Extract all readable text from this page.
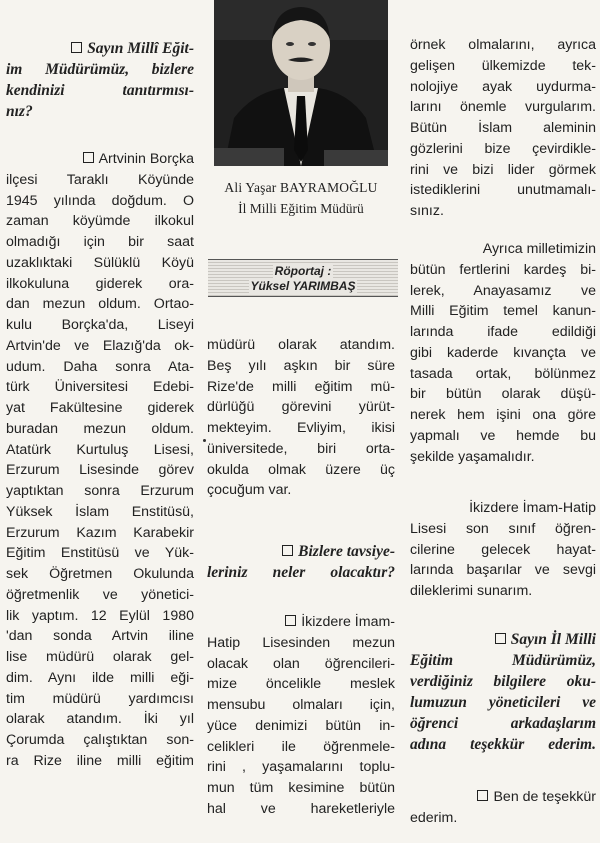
Sayın Millî Eğit-

im Müdürümüz, bizlere

kendinizi tanıtırmısı-

nız?

Artvinin Borçka

ilçesi Taraklı Köyünde

1945 yılında doğdum. O

zaman köyümde ilkokul

olmadığı için bir saat

uzaklıktaki Sülüklü Köyü

ilkokuluna giderek ora-

dan mezun oldum. Ortao-

kulu Borçka'da, Liseyi

Artvin'de ve Elazığ'da ok-

udum. Daha sonra Ata-

türk Üniversitesi Edebi-

yat Fakültesine giderek

buradan mezun oldum.

Atatürk Kurtuluş Lisesi,

Erzurum Lisesinde görev

yaptıktan sonra Erzurum

Yüksek İslam Enstitüsü,

Erzurum Kazım Karabekir

Eğitim Enstitüsü ve Yük-

sek Öğretmen Okulunda

öğretmenlik ve yönetici-

lik yaptım. 12 Eylül 1980

'dan sonda Artvin iline

lise müdürü olarak gel-

dim. Aynı ilde milli eği-

tim müdürü yardımcısı

olarak atandım. İki yıl

Çorumda çalıştıktan son-

ra Rize iline milli eğitim

Ali Yaşar BAYRAMOĞLU
İl Milli Eğitim Müdürü
Röportaj :
Yüksel YARIMBAŞ

müdürü olarak atandım.

Beş yılı aşkın bir süre

Rize'de milli eğitim mü-

dürlüğü görevini yürüt-

mekteyim. Evliyim, ikisi

üniversitede, biri orta-

okulda olmak üzere üç

çocuğum var.

Bizlere tavsiye-

leriniz neler olacaktır?

İkizdere İmam-

Hatip Lisesinden mezun

olacak olan öğrencileri-

mize öncelikle meslek

mensubu olmaları için,

yüce denimizi bütün in-

celikleri ile öğrenmele-

rini , yaşamalarını toplu-

mun tüm kesimine bütün

hal ve hareketleriyle

örnek olmalarını, ayrıca

gelişen ülkemizde tek-

nolojiye ayak uydurma-

larını önemle vurgularım.

Bütün İslam aleminin

gözlerini bize çevirdikle-

rini ve bizi lider görmek

istediklerini unutmamalı-

sınız.

Ayrıca milletimizin

bütün fertlerini kardeş bi-

lerek, Anayasamız ve

Milli Eğitim temel kanun-

larında ifade edildiği

gibi kaderde kıvançta ve

tasada ortak, bölünmez

bir bütün olarak düşü-

nerek hem işini ona göre

yapmalı ve hemde bu

şekilde yaşamalıdır.

İkizdere İmam-Hatip

Lisesi son sınıf öğren-

cilerine gelecek hayat-

larında başarılar ve sevgi

dileklerimi sunarım.

Sayın İl Milli

Eğitim Müdürümüz,

verdiğiniz bilgilere oku-

lumuzun yöneticileri ve

öğrenci arkadaşlarım

adına teşekkür ederim.

Ben de teşekkür

ederim.
